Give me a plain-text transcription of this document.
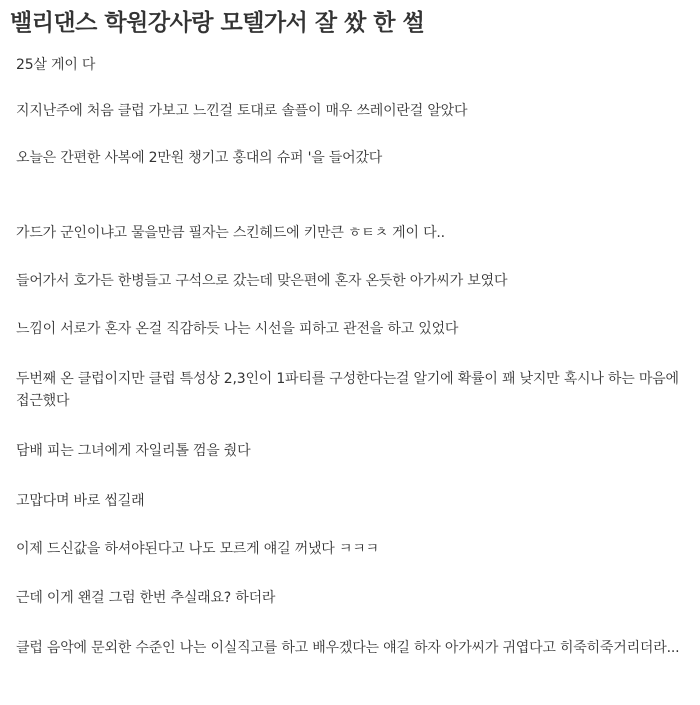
밸리댄스 학원강사랑 모텔가서 잘 쌌 한 썰

25살 게이 다

지지난주에 처음 클럽 가보고 느낀걸 토대로 솔플이 매우 쓰레이란걸 알았다

오늘은 간편한 사복에 2만원 챙기고 홍대의 슈퍼 '을 들어갔다

가드가 군인이냐고 물을만큼 필자는 스킨헤드에 키만큰 ㅎㅌㅊ 게이 다..

들어가서 호가든 한병들고 구석으로 갔는데 맞은편에 혼자 온듯한 아가씨가 보였다

느낌이 서로가 혼자 온걸 직감하듯 나는 시선을 피하고 관전을 하고 있었다

두번째 온 클럽이지만 클럽 특성상 2,3인이 1파티를 구성한다는걸 알기에 확률이 꽤 낮지만 혹시나 하는 마음에 접근했다

담배 피는 그녀에게 자일리톨 껌을 줬다

고맙다며 바로 씹길래

이제 드신값을 하셔야된다고 나도 모르게 얘길 꺼냈다 ㅋㅋㅋ

근데 이게 왠걸 그럼 한번 추실래요? 하더라

클럽 음악에 문외한 수준인 나는 이실직고를 하고 배우겠다는 얘길 하자 아가씨가 귀엽다고 히죽히죽거리더라...
